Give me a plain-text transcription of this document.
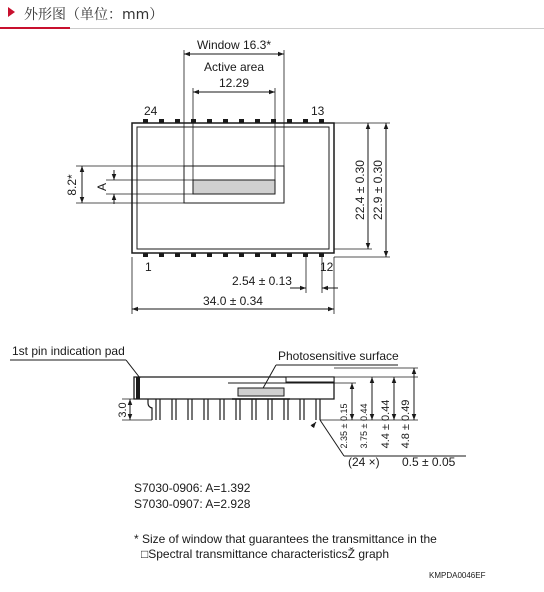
外形图（单位：mm）
Window 16.3*
Active area
12.29
24	13
1	12
8.2* A	22.4 ± 0.30 22.9 ± 0.30
2.54 ± 0.13
34.0 ± 0.34
1st pin indication pad	Photosensitive surface
3.0	2.35 ± 0.15 3.75 ± 0.44 4.4 ± 0.44 4.8 ± 0.49
(24 ×) 0.5 ± 0.05
S7030-0906: A=1.392
S7030-0907: A=2.928
* Size of window that guarantees the transmittance in the
□Spectral transmittance characteristicsŽ graph
KMPDA0046EF
